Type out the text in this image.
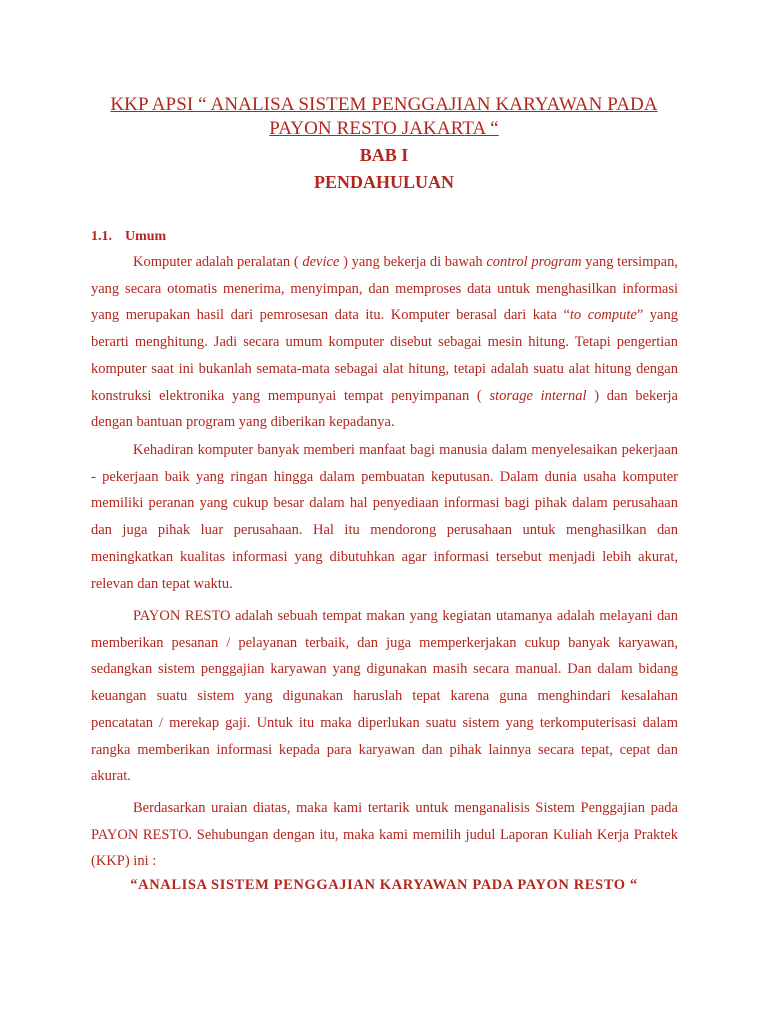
KKP APSI “ ANALISA SISTEM PENGGAJIAN KARYAWAN PADA
PAYON RESTO JAKARTA “
BAB I
PENDAHULUAN
1.1. Umum

Komputer adalah peralatan ( device ) yang bekerja di bawah control program yang tersimpan, yang secara otomatis menerima, menyimpan, dan memproses data untuk menghasilkan informasi yang merupakan hasil dari pemrosesan data itu. Komputer berasal dari kata “to compute” yang berarti menghitung. Jadi secara umum komputer disebut sebagai mesin hitung. Tetapi pengertian komputer saat ini bukanlah semata-mata sebagai alat hitung, tetapi adalah suatu alat hitung dengan konstruksi elektronika yang mempunyai tempat penyimpanan ( storage internal ) dan bekerja dengan bantuan program yang diberikan kepadanya.

Kehadiran komputer banyak memberi manfaat bagi manusia dalam menyelesaikan pekerjaan - pekerjaan baik yang ringan hingga dalam pembuatan keputusan. Dalam dunia usaha komputer memiliki peranan yang cukup besar dalam hal penyediaan informasi bagi pihak dalam perusahaan dan juga pihak luar perusahaan. Hal itu mendorong perusahaan untuk menghasilkan dan meningkatkan kualitas informasi yang dibutuhkan agar informasi tersebut menjadi lebih akurat, relevan dan tepat waktu.

PAYON RESTO adalah sebuah tempat makan yang kegiatan utamanya adalah melayani dan memberikan pesanan / pelayanan terbaik, dan juga memperkerjakan cukup banyak karyawan, sedangkan sistem penggajian karyawan yang digunakan masih secara manual. Dan dalam bidang keuangan suatu sistem yang digunakan haruslah tepat karena guna menghindari kesalahan pencatatan / merekap gaji. Untuk itu maka diperlukan suatu sistem yang terkomputerisasi dalam rangka memberikan informasi kepada para karyawan dan pihak lainnya secara tepat, cepat dan akurat.

Berdasarkan uraian diatas, maka kami tertarik untuk menganalisis Sistem Penggajian pada PAYON RESTO. Sehubungan dengan itu, maka kami memilih judul Laporan Kuliah Kerja Praktek (KKP) ini :

“ANALISA SISTEM PENGGAJIAN KARYAWAN PADA PAYON RESTO “
